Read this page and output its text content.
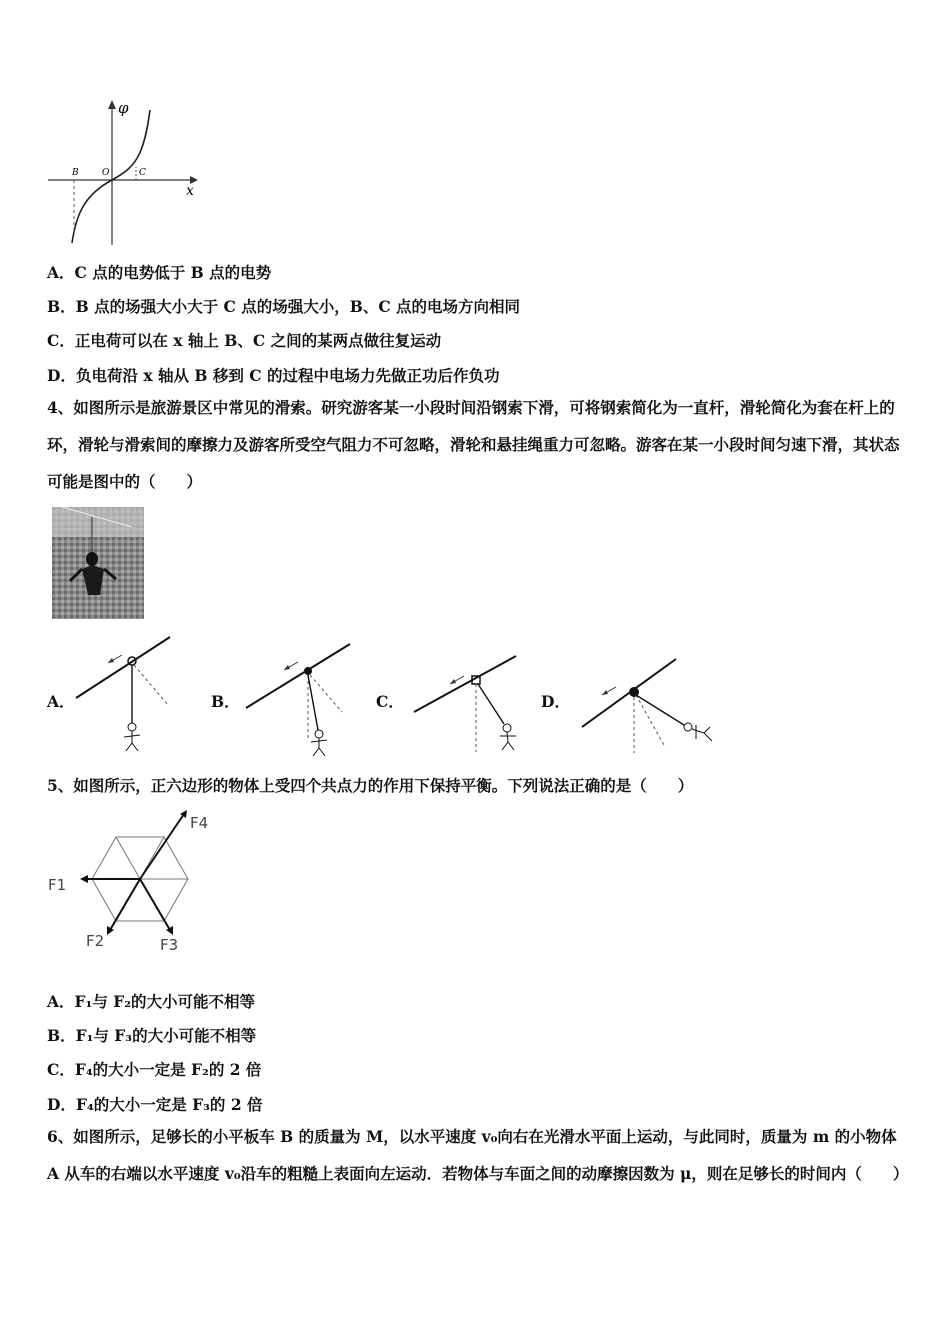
φ
x
B	O	C
A．C 点的电势低于 B 点的电势
B．B 点的场强大小大于 C 点的场强大小，B、C 点的电场方向相同
C．正电荷可以在 x 轴上 B、C 之间的某两点做往复运动
D．负电荷沿 x 轴从 B 移到 C 的过程中电场力先做正功后作负功
4、如图所示是旅游景区中常见的滑索。研究游客某一小段时间沿钢索下滑，可将钢索简化为一直杆，滑轮简化为套在杆上的环，滑轮与滑索间的摩擦力及游客所受空气阻力不可忽略，滑轮和悬挂绳重力可忽略。游客在某一小段时间匀速下滑，其状态可能是图中的（　　）
A．	B．	C．	D．
5、如图所示，正六边形的物体上受四个共点力的作用下保持平衡。下列说法正确的是（　　）
F1
F2	F3
F4
A．F₁与 F₂的大小可能不相等
B．F₁与 F₃的大小可能不相等
C．F₄的大小一定是 F₂的 2 倍
D．F₄的大小一定是 F₃的 2 倍
6、如图所示，足够长的小平板车 B 的质量为 M，以水平速度 v₀向右在光滑水平面上运动，与此同时，质量为 m 的小物体 A 从车的右端以水平速度 v₀沿车的粗糙上表面向左运动．若物体与车面之间的动摩擦因数为 μ，则在足够长的时间内（　　）
